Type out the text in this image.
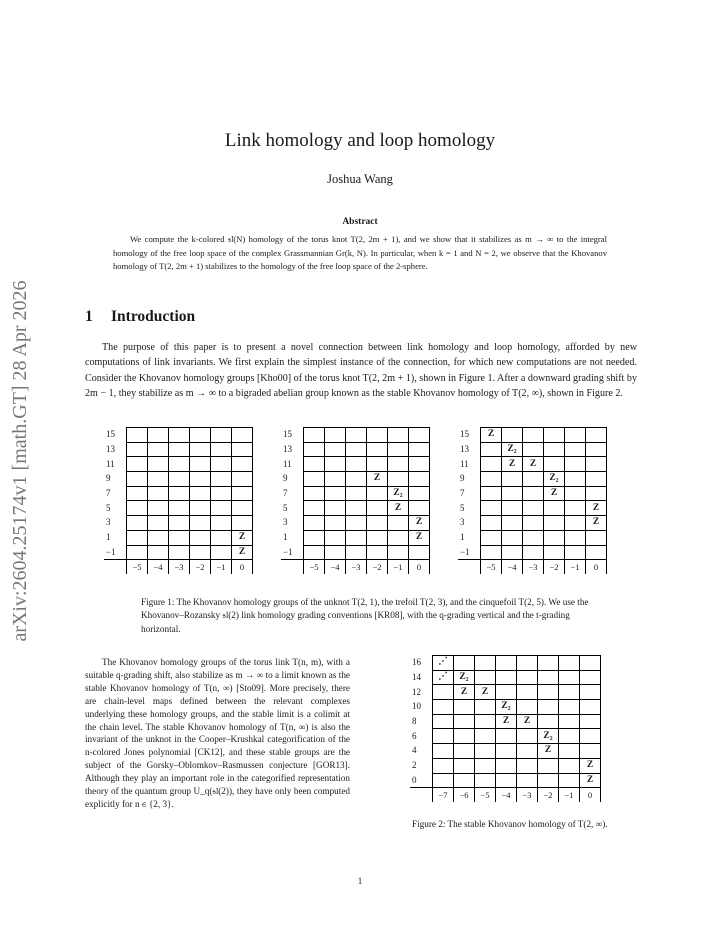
arXiv:2604.25174v1 [math.GT] 28 Apr 2026
Link homology and loop homology
Joshua Wang
Abstract

We compute the k-colored 𝔰𝔩(N) homology of the torus knot T(2, 2m + 1), and we show that it stabilizes as m → ∞ to the integral homology of the free loop space of the complex Grassmannian Gr(k, N). In particular, when k = 1 and N = 2, we observe that the Khovanov homology of T(2, 2m + 1) stabilizes to the homology of the free loop space of the 2-sphere.

1 Introduction

The purpose of this paper is to present a novel connection between link homology and loop homology, afforded by new computations of link invariants. We first explain the simplest instance of the connection, for which new computations are not needed. Consider the Khovanov homology groups [Kho00] of the torus knot T(2, 2m + 1), shown in Figure 1. After a downward grading shift by 2m − 1, they stabilize as m → ∞ to a bigraded abelian group known as the stable Khovanov homology of T(2, ∞), shown in Figure 2.

15						
13						
11						
9						
7						
5						
3						
1						Z
−1						Z
	−5	−4	−3	−2	−1	0
15						
13						
11						
9				Z		
7					Z₂	
5					Z	
3						Z
1						Z
−1						
	−5	−4	−3	−2	−1	0
15	Z					
13		Z₂				
11		Z	Z			
9				Z₂		
7				Z		
5						Z
3						Z
1						
−1						
	−5	−4	−3	−2	−1	0

Figure 1: The Khovanov homology groups of the unknot T(2, 1), the trefoil T(2, 3), and the cinquefoil T(2, 5). We use the Khovanov–Rozansky 𝔰𝔩(2) link homology grading conventions [KR08], with the q-grading vertical and the t-grading horizontal.

The Khovanov homology groups of the torus link T(n, m), with a suitable q-grading shift, also stabilize as m → ∞ to a limit known as the stable Khovanov homology of T(n, ∞) [Sto09]. More precisely, there are chain-level maps defined between the relevant complexes underlying these homology groups, and the stable limit is a colimit at the chain level. The stable Khovanov homology of T(n, ∞) is also the invariant of the unknot in the Cooper–Krushkal categorification of the n-colored Jones polynomial [CK12], and these stable groups are the subject of the Gorsky–Oblomkov–Rasmussen conjecture [GOR13]. Although they play an important role in the categorified representation theory of the quantum group U_q(𝔰𝔩(2)), they have only been computed explicitly for n ∈ {2, 3}.

16	⋰							
14	⋰	Z₂						
12		Z	Z					
10				Z₂				
8				Z	Z			
6						Z₂		
4						Z		
2								Z
0								Z
	−7	−6	−5	−4	−3	−2	−1	0

Figure 2: The stable Khovanov homology of T(2, ∞).

1
